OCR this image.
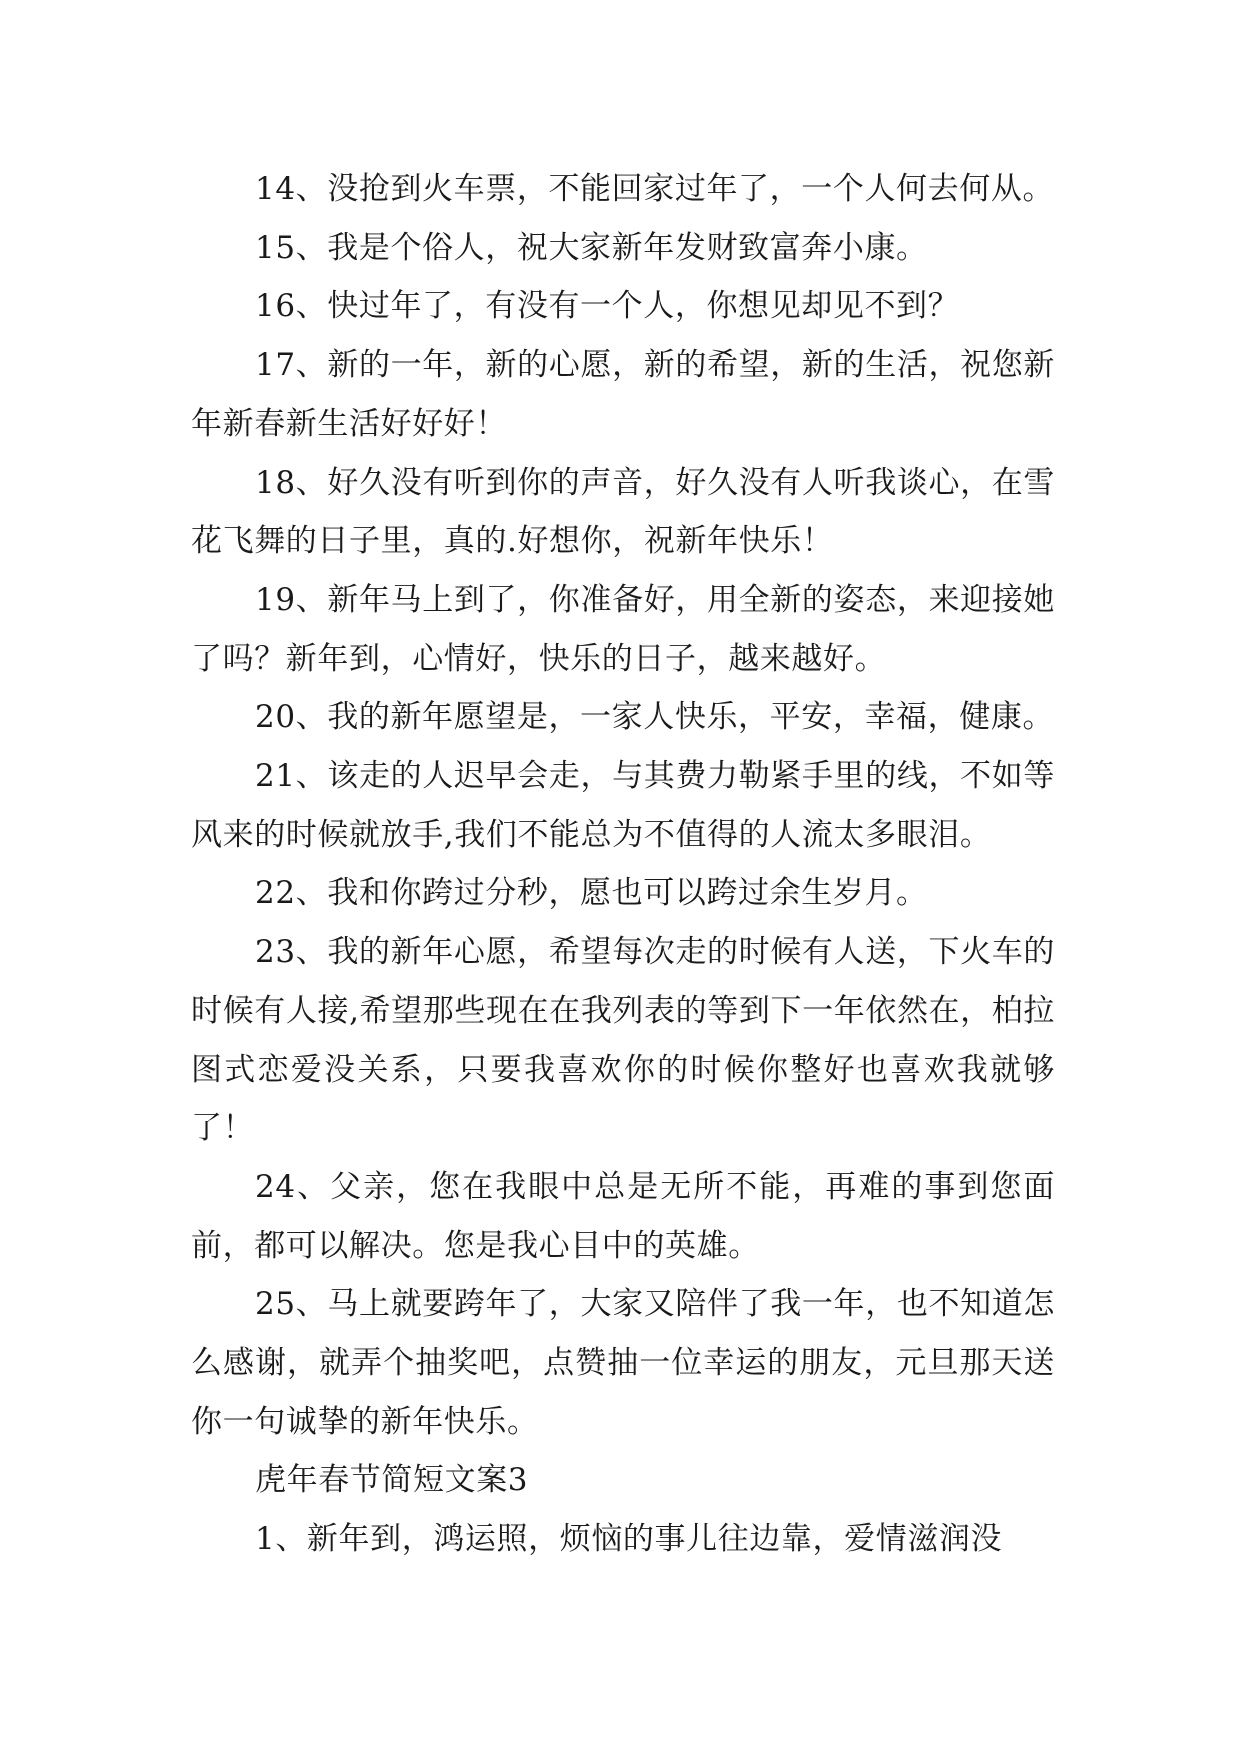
14、没抢到火车票，不能回家过年了，一个人何去何从。

15、我是个俗人，祝大家新年发财致富奔小康。

16、快过年了，有没有一个人，你想见却见不到？

17、新的一年，新的心愿，新的希望，新的生活，祝您新年新春新生活好好好！

18、好久没有听到你的声音，好久没有人听我谈心，在雪花飞舞的日子里，真的.好想你，祝新年快乐！

19、新年马上到了，你准备好，用全新的姿态，来迎接她了吗？新年到，心情好，快乐的日子，越来越好。

20、我的新年愿望是，一家人快乐，平安，幸福，健康。

21、该走的人迟早会走，与其费力勒紧手里的线，不如等风来的时候就放手,我们不能总为不值得的人流太多眼泪。

22、我和你跨过分秒，愿也可以跨过余生岁月。

23、我的新年心愿，希望每次走的时候有人送，下火车的时候有人接,希望那些现在在我列表的等到下一年依然在，柏拉图式恋爱没关系，只要我喜欢你的时候你整好也喜欢我就够了！

24、父亲，您在我眼中总是无所不能，再难的事到您面前，都可以解决。您是我心目中的英雄。

25、马上就要跨年了，大家又陪伴了我一年，也不知道怎么感谢，就弄个抽奖吧，点赞抽一位幸运的朋友，元旦那天送你一句诚挚的新年快乐。

虎年春节简短文案3

1、新年到，鸿运照，烦恼的事儿往边靠，爱情滋润没
